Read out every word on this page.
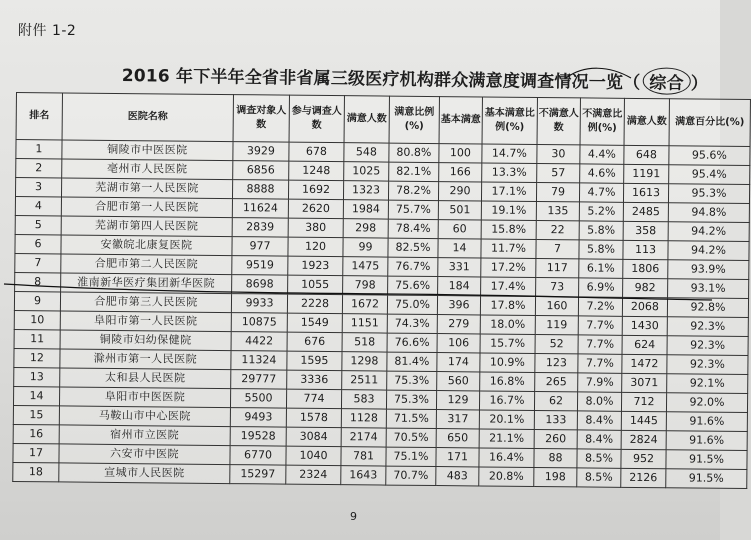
附件 1-2
2016 年下半年全省非省属三级医疗机构群众满意度调查情况一览（ 综合 ）
排名	医院名称	调查对象人数	参与调查人数	满意人数	满意比例(%)	基本满意	基本满意比例(%)	不满意人数	不满意比例(%)	满意人数	满意百分比(%)
1	铜陵市中医医院	3929	678	548	80.8%	100	14.7%	30	4.4%	648	95.6%
2	亳州市人民医院	6856	1248	1025	82.1%	166	13.3%	57	4.6%	1191	95.4%
3	芜湖市第一人民医院	8888	1692	1323	78.2%	290	17.1%	79	4.7%	1613	95.3%
4	合肥市第一人民医院	11624	2620	1984	75.7%	501	19.1%	135	5.2%	2485	94.8%
5	芜湖市第四人民医院	2839	380	298	78.4%	60	15.8%	22	5.8%	358	94.2%
6	安徽皖北康复医院	977	120	99	82.5%	14	11.7%	7	5.8%	113	94.2%
7	合肥市第二人民医院	9519	1923	1475	76.7%	331	17.2%	117	6.1%	1806	93.9%
8	淮南新华医疗集团新华医院	8698	1055	798	75.6%	184	17.4%	73	6.9%	982	93.1%
9	合肥市第三人民医院	9933	2228	1672	75.0%	396	17.8%	160	7.2%	2068	92.8%
10	阜阳市第一人民医院	10875	1549	1151	74.3%	279	18.0%	119	7.7%	1430	92.3%
11	铜陵市妇幼保健院	4422	676	518	76.6%	106	15.7%	52	7.7%	624	92.3%
12	滁州市第一人民医院	11324	1595	1298	81.4%	174	10.9%	123	7.7%	1472	92.3%
13	太和县人民医院	29777	3336	2511	75.3%	560	16.8%	265	7.9%	3071	92.1%
14	阜阳市中医医院	5500	774	583	75.3%	129	16.7%	62	8.0%	712	92.0%
15	马鞍山市中心医院	9493	1578	1128	71.5%	317	20.1%	133	8.4%	1445	91.6%
16	宿州市立医院	19528	3084	2174	70.5%	650	21.1%	260	8.4%	2824	91.6%
17	六安市中医院	6770	1040	781	75.1%	171	16.4%	88	8.5%	952	91.5%
18	宣城市人民医院	15297	2324	1643	70.7%	483	20.8%	198	8.5%	2126	91.5%
9
